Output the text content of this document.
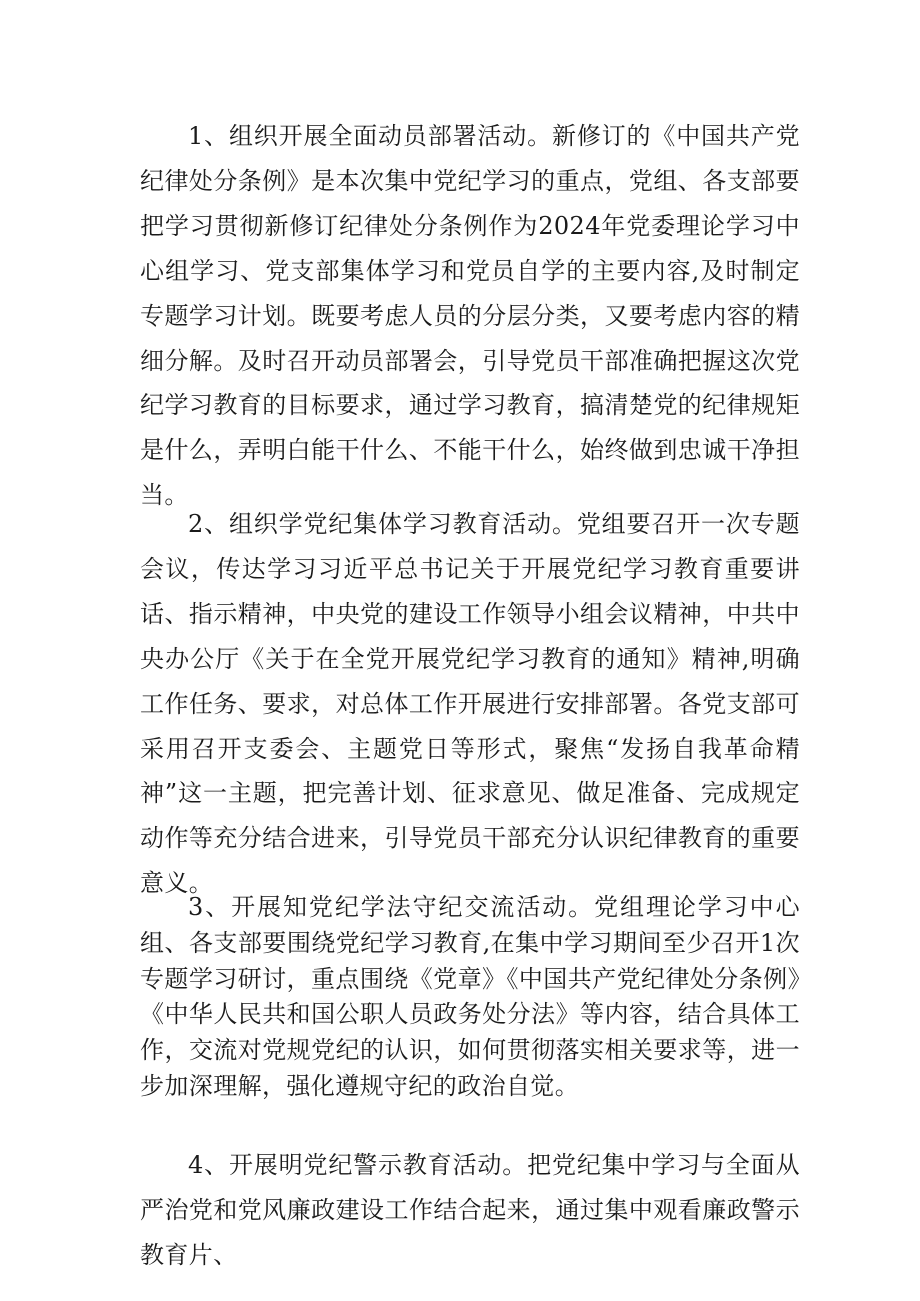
1、组织开展全面动员部署活动。新修订的《中国共产党纪律处分条例》是本次集中党纪学习的重点，党组、各支部要把学习贯彻新修订纪律处分条例作为2024年党委理论学习中心组学习、党支部集体学习和党员自学的主要内容,及时制定专题学习计划。既要考虑人员的分层分类，又要考虑内容的精细分解。及时召开动员部署会，引导党员干部准确把握这次党纪学习教育的目标要求，通过学习教育，搞清楚党的纪律规矩是什么，弄明白能干什么、不能干什么，始终做到忠诚干净担当。

2、组织学党纪集体学习教育活动。党组要召开一次专题会议，传达学习习近平总书记关于开展党纪学习教育重要讲话、指示精神，中央党的建设工作领导小组会议精神，中共中央办公厅《关于在全党开展党纪学习教育的通知》精神,明确工作任务、要求，对总体工作开展进行安排部署。各党支部可采用召开支委会、主题党日等形式，聚焦“发扬自我革命精神”这一主题，把完善计划、征求意见、做足准备、完成规定动作等充分结合进来，引导党员干部充分认识纪律教育的重要意义。

3、开展知党纪学法守纪交流活动。党组理论学习中心组、各支部要围绕党纪学习教育,在集中学习期间至少召开1次专题学习研讨，重点围绕《党章》《中国共产党纪律处分条例》《中华人民共和国公职人员政务处分法》等内容，结合具体工作，交流对党规党纪的认识，如何贯彻落实相关要求等，进一步加深理解，强化遵规守纪的政治自觉。

4、开展明党纪警示教育活动。把党纪集中学习与全面从严治党和党风廉政建设工作结合起来，通过集中观看廉政警示教育片、
